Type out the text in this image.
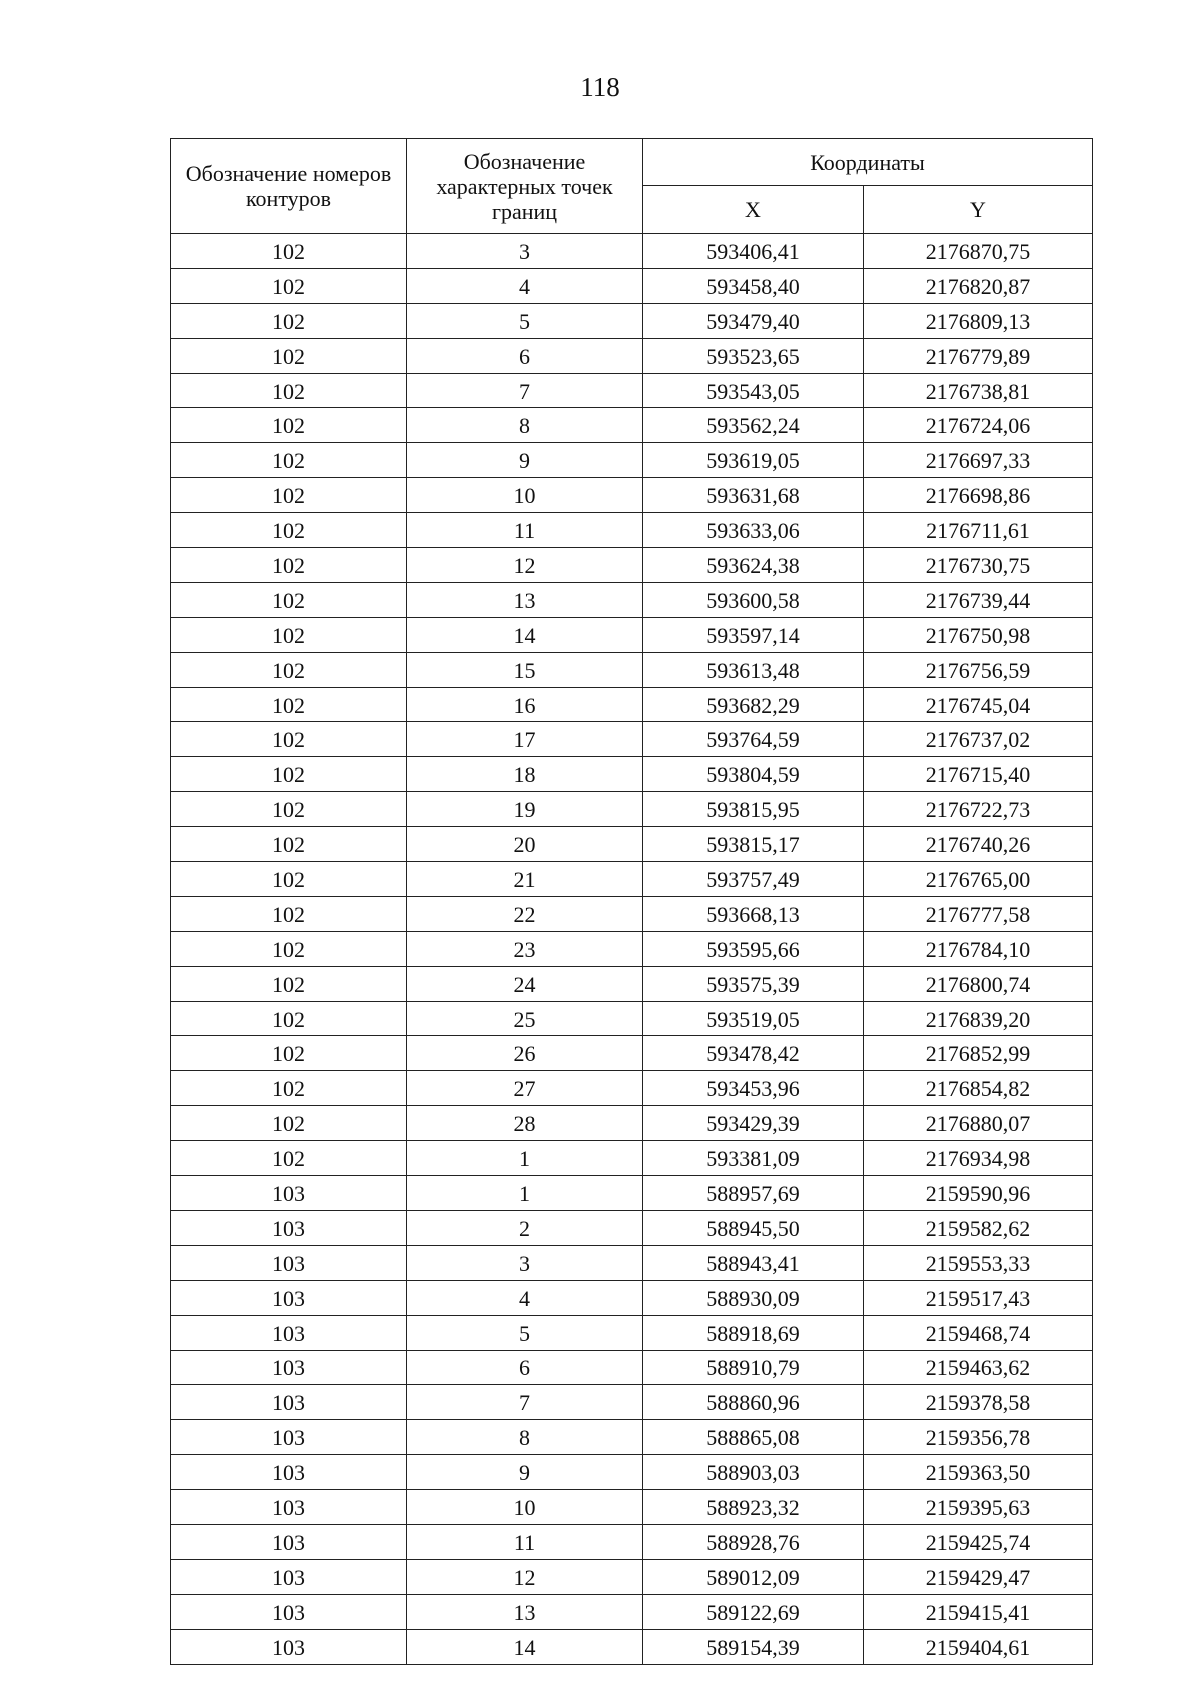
118
Обозначение номеров контуров	Обозначение характерных точек границ	Координаты	
		X	Y
102	3	593406,41	2176870,75
102	4	593458,40	2176820,87
102	5	593479,40	2176809,13
102	6	593523,65	2176779,89
102	7	593543,05	2176738,81
102	8	593562,24	2176724,06
102	9	593619,05	2176697,33
102	10	593631,68	2176698,86
102	11	593633,06	2176711,61
102	12	593624,38	2176730,75
102	13	593600,58	2176739,44
102	14	593597,14	2176750,98
102	15	593613,48	2176756,59
102	16	593682,29	2176745,04
102	17	593764,59	2176737,02
102	18	593804,59	2176715,40
102	19	593815,95	2176722,73
102	20	593815,17	2176740,26
102	21	593757,49	2176765,00
102	22	593668,13	2176777,58
102	23	593595,66	2176784,10
102	24	593575,39	2176800,74
102	25	593519,05	2176839,20
102	26	593478,42	2176852,99
102	27	593453,96	2176854,82
102	28	593429,39	2176880,07
102	1	593381,09	2176934,98
103	1	588957,69	2159590,96
103	2	588945,50	2159582,62
103	3	588943,41	2159553,33
103	4	588930,09	2159517,43
103	5	588918,69	2159468,74
103	6	588910,79	2159463,62
103	7	588860,96	2159378,58
103	8	588865,08	2159356,78
103	9	588903,03	2159363,50
103	10	588923,32	2159395,63
103	11	588928,76	2159425,74
103	12	589012,09	2159429,47
103	13	589122,69	2159415,41
103	14	589154,39	2159404,61
